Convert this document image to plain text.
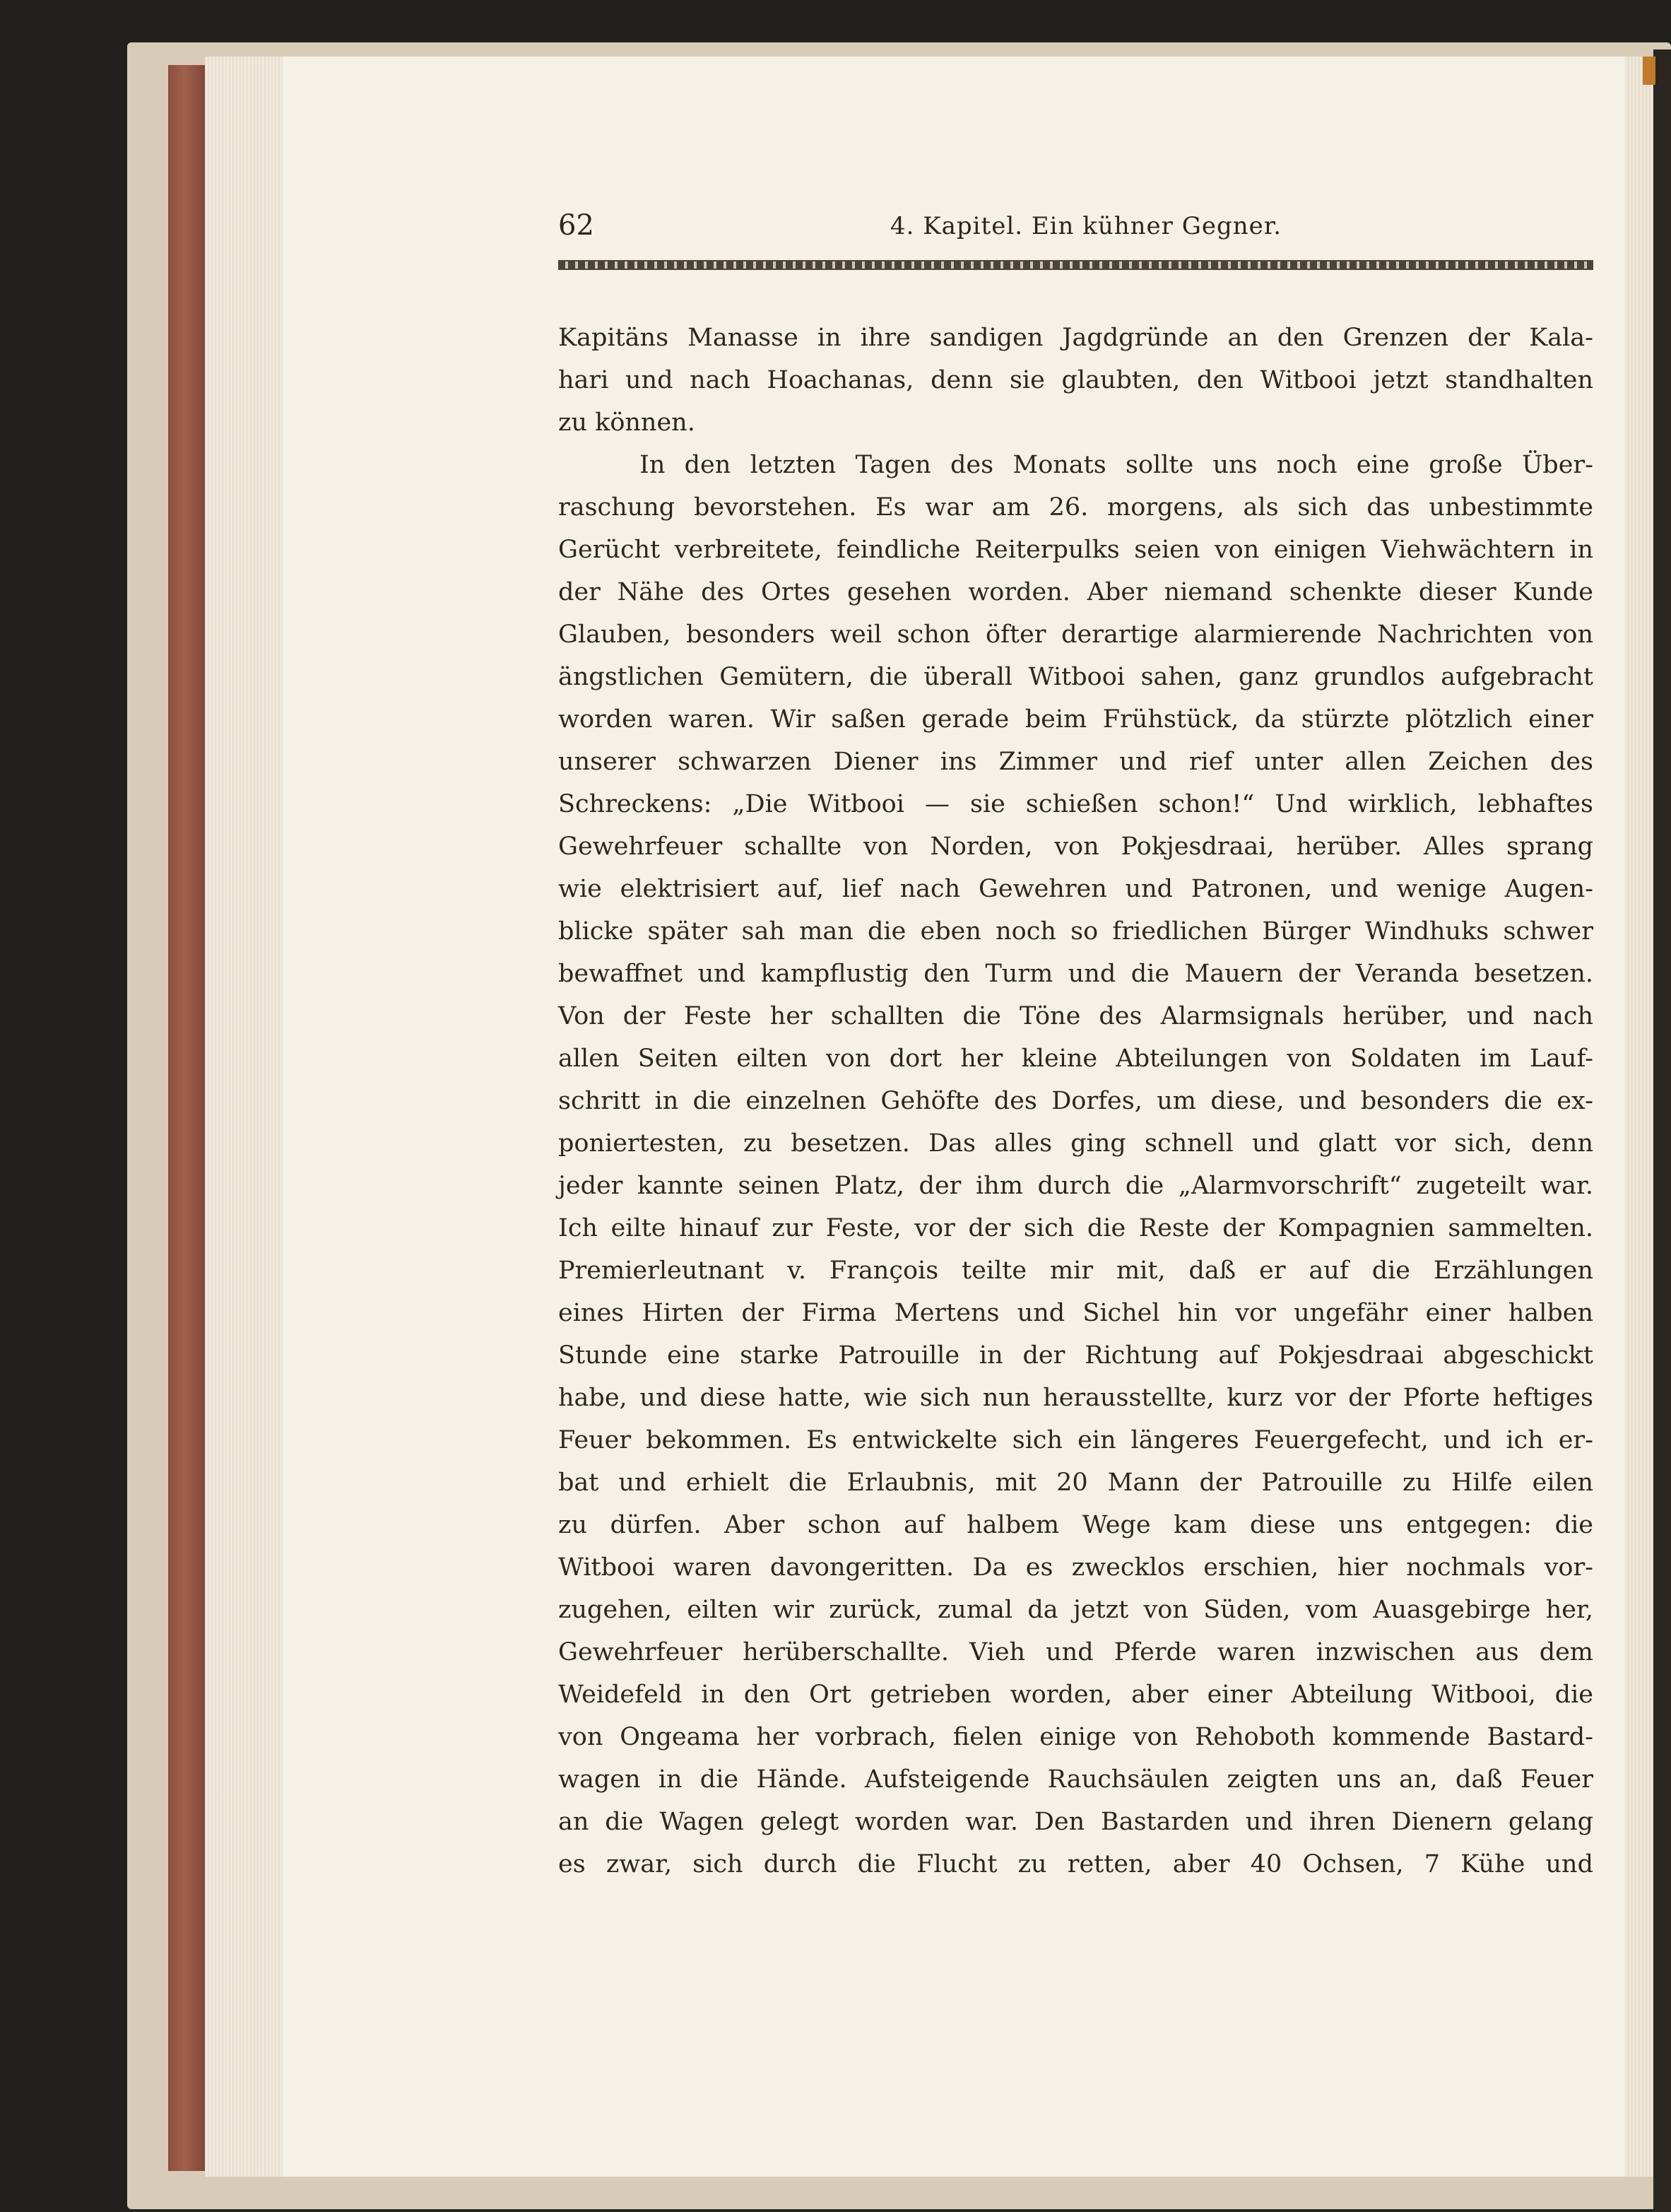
62	4. Kapitel. Ein kühner Gegner.
Kapitäns Manasse in ihre sandigen Jagdgründe an den Grenzen der Kala-
hari und nach Hoachanas, denn sie glaubten, den Witbooi jetzt standhalten
zu können.
In den letzten Tagen des Monats sollte uns noch eine große Über-
raschung bevorstehen. Es war am 26. morgens, als sich das unbestimmte
Gerücht verbreitete, feindliche Reiterpulks seien von einigen Viehwächtern in
der Nähe des Ortes gesehen worden. Aber niemand schenkte dieser Kunde
Glauben, besonders weil schon öfter derartige alarmierende Nachrichten von
ängstlichen Gemütern, die überall Witbooi sahen, ganz grundlos aufgebracht
worden waren. Wir saßen gerade beim Frühstück, da stürzte plötzlich einer
unserer schwarzen Diener ins Zimmer und rief unter allen Zeichen des
Schreckens: „Die Witbooi — sie schießen schon!“ Und wirklich, lebhaftes
Gewehrfeuer schallte von Norden, von Pokjesdraai, herüber. Alles sprang
wie elektrisiert auf, lief nach Gewehren und Patronen, und wenige Augen-
blicke später sah man die eben noch so friedlichen Bürger Windhuks schwer
bewaffnet und kampflustig den Turm und die Mauern der Veranda besetzen.
Von der Feste her schallten die Töne des Alarmsignals herüber, und nach
allen Seiten eilten von dort her kleine Abteilungen von Soldaten im Lauf-
schritt in die einzelnen Gehöfte des Dorfes, um diese, und besonders die ex-
poniertesten, zu besetzen. Das alles ging schnell und glatt vor sich, denn
jeder kannte seinen Platz, der ihm durch die „Alarmvorschrift“ zugeteilt war.
Ich eilte hinauf zur Feste, vor der sich die Reste der Kompagnien sammelten.
Premierleutnant v. François teilte mir mit, daß er auf die Erzählungen
eines Hirten der Firma Mertens und Sichel hin vor ungefähr einer halben
Stunde eine starke Patrouille in der Richtung auf Pokjesdraai abgeschickt
habe, und diese hatte, wie sich nun herausstellte, kurz vor der Pforte heftiges
Feuer bekommen. Es entwickelte sich ein längeres Feuergefecht, und ich er-
bat und erhielt die Erlaubnis, mit 20 Mann der Patrouille zu Hilfe eilen
zu dürfen. Aber schon auf halbem Wege kam diese uns entgegen: die
Witbooi waren davongeritten. Da es zwecklos erschien, hier nochmals vor-
zugehen, eilten wir zurück, zumal da jetzt von Süden, vom Auasgebirge her,
Gewehrfeuer herüberschallte. Vieh und Pferde waren inzwischen aus dem
Weidefeld in den Ort getrieben worden, aber einer Abteilung Witbooi, die
von Ongeama her vorbrach, fielen einige von Rehoboth kommende Bastard-
wagen in die Hände. Aufsteigende Rauchsäulen zeigten uns an, daß Feuer
an die Wagen gelegt worden war. Den Bastarden und ihren Dienern gelang
es zwar, sich durch die Flucht zu retten, aber 40 Ochsen, 7 Kühe und
